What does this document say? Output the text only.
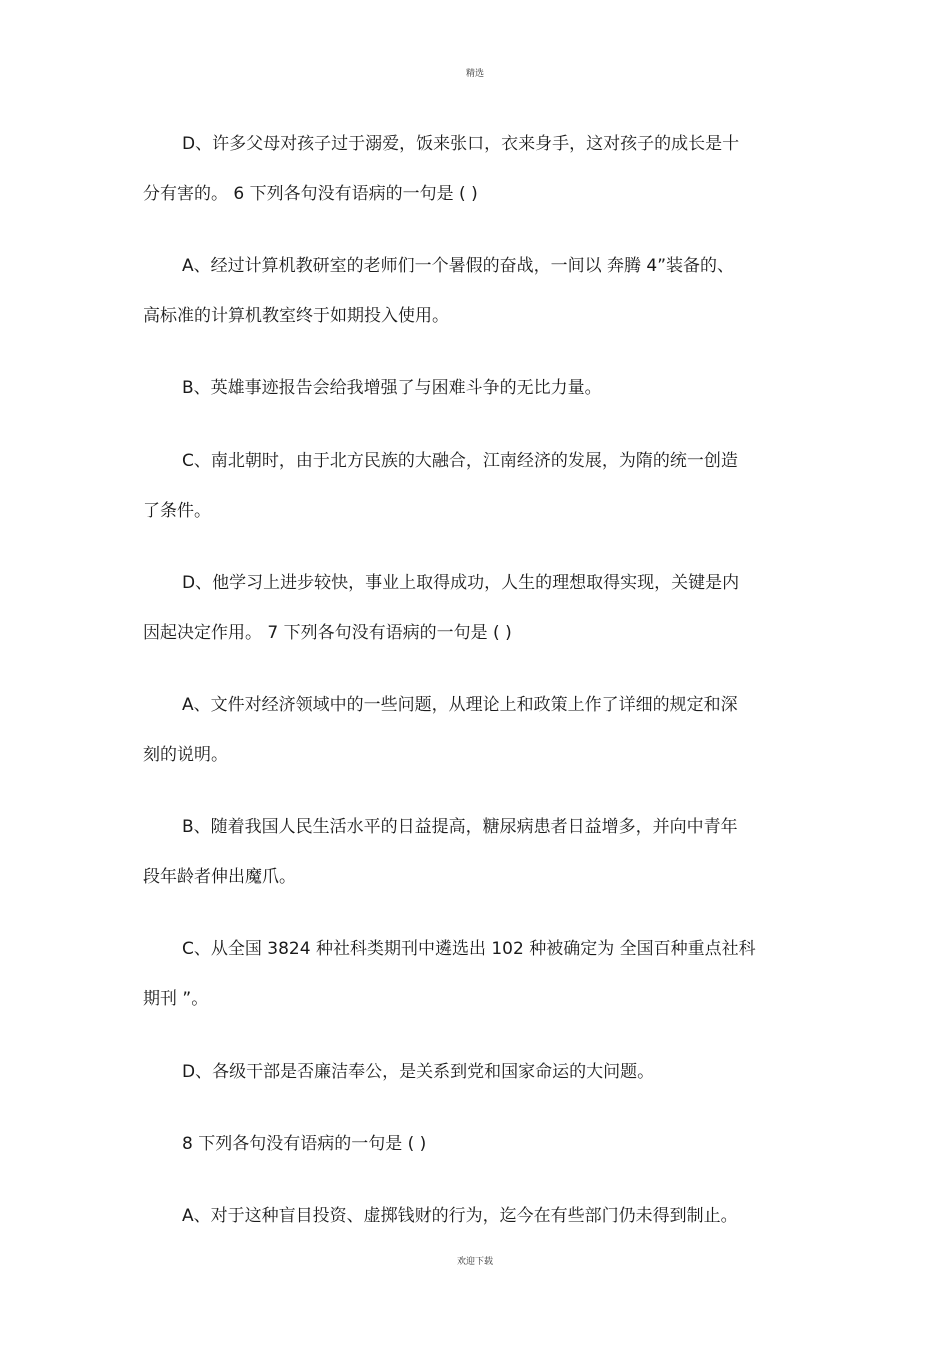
精选
D、许多父母对孩子过于溺爱，饭来张口，衣来身手，这对孩子的成长是十
分有害的。 6 下列各句没有语病的一句是 ( )
A、经过计算机教研室的老师们一个暑假的奋战，一间以 奔腾 4”装备的、
高标准的计算机教室终于如期投入使用。
B、英雄事迹报告会给我增强了与困难斗争的无比力量。
C、南北朝时，由于北方民族的大融合，江南经济的发展，为隋的统一创造
了条件。
D、他学习上进步较快，事业上取得成功，人生的理想取得实现，关键是内
因起决定作用。 7 下列各句没有语病的一句是 ( )
A、文件对经济领域中的一些问题，从理论上和政策上作了详细的规定和深
刻的说明。
B、随着我国人民生活水平的日益提高，糖尿病患者日益增多，并向中青年
段年龄者伸出魔爪。
C、从全国 3824 种社科类期刊中遴选出 102 种被确定为 全国百种重点社科
期刊 ”。
D、各级干部是否廉洁奉公，是关系到党和国家命运的大问题。
8 下列各句没有语病的一句是 ( )
A、对于这种盲目投资、虚掷钱财的行为，迄今在有些部门仍未得到制止。
欢迎下载
